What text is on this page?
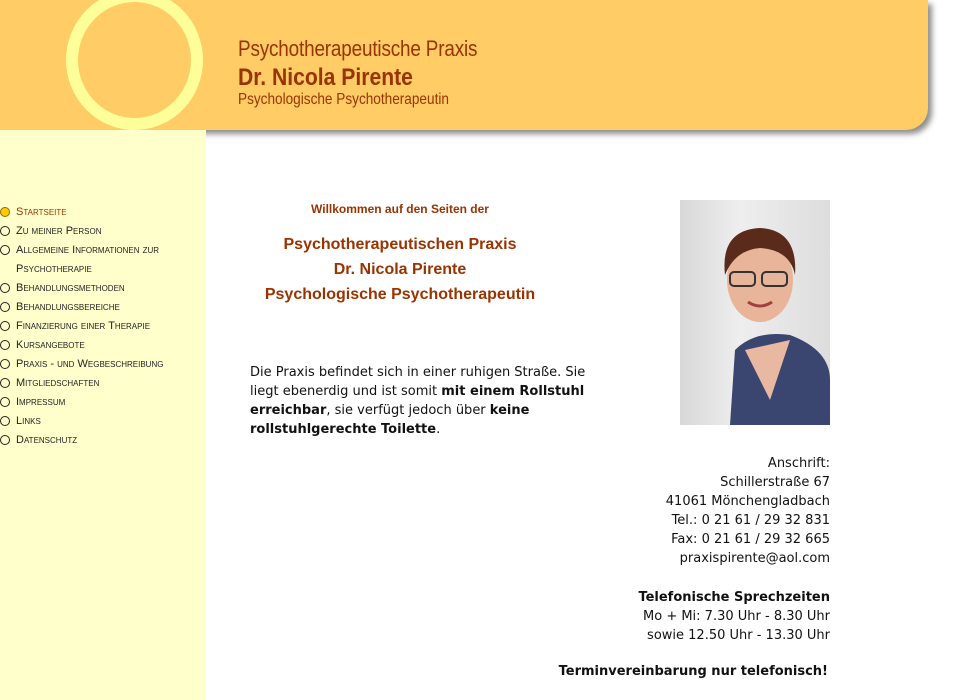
Psychotherapeutische Praxis
Dr. Nicola Pirente
Psychologische Psychotherapeutin
Startseite
Zu meiner Person
Allgemeine Informationen zur Psychotherapie
Behandlungsmethoden
Behandlungsbereiche
Finanzierung einer Therapie
Kursangebote
Praxis - und Wegbeschreibung
Mitgliedschaften
Impressum
Links
Datenschutz
Willkommen auf den Seiten der
Psychotherapeutischen Praxis
Dr. Nicola Pirente
Psychologische Psychotherapeutin
Die Praxis befindet sich in einer ruhigen Straße. Sie liegt ebenerdig und ist somit mit einem Rollstuhl erreichbar, sie verfügt jedoch über keine rollstuhlgerechte Toilette.
Anschrift:
Schillerstraße 67
41061 Mönchengladbach
Tel.: 0 21 61 / 29 32 831
Fax: 0 21 61 / 29 32 665
praxispirente@aol.com
Telefonische Sprechzeiten
Mo + Mi: 7.30 Uhr - 8.30 Uhr
sowie 12.50 Uhr - 13.30 Uhr
Terminvereinbarung nur telefonisch!
